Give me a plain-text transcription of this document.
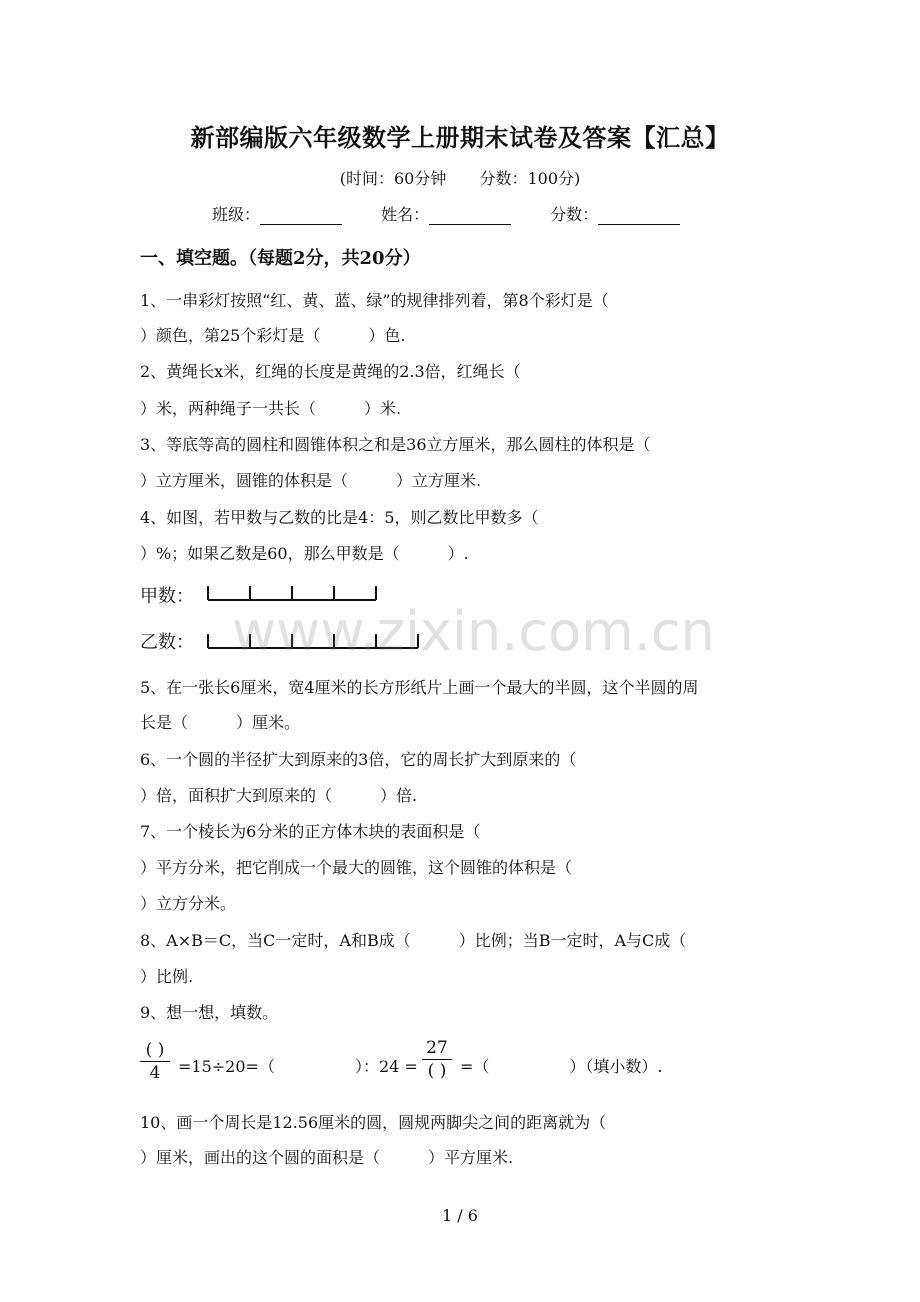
新部编版六年级数学上册期末试卷及答案【汇总】
(时间：60分钟 分数：100分)
班级：	姓名：	分数：
一、填空题。（每题2分，共20分）
1、一串彩灯按照“红、黄、蓝、绿”的规律排列着，第8个彩灯是（
）颜色，第25个彩灯是（　　　）色.
2、黄绳长x米，红绳的长度是黄绳的2.3倍，红绳长（
）米，两种绳子一共长（　　　）米.
3、等底等高的圆柱和圆锥体积之和是36立方厘米，那么圆柱的体积是（
）立方厘米，圆锥的体积是（　　　）立方厘米.
4、如图，若甲数与乙数的比是4：5，则乙数比甲数多（
）%；如果乙数是60，那么甲数是（　　　）.
甲数：
乙数： www.zixin.com.cn
5、在一张长6厘米，宽4厘米的长方形纸片上画一个最大的半圆，这个半圆的周
长是（　　　）厘米。
6、一个圆的半径扩大到原来的3倍，它的周长扩大到原来的（
）倍，面积扩大到原来的（　　　）倍.
7、一个棱长为6分米的正方体木块的表面积是（
）平方分米，把它削成一个最大的圆锥，这个圆锥的体积是（
）立方分米。
8、A×B＝C，当C一定时，A和B成（　　　）比例；当B一定时，A与C成（
）比例.
9、想一想，填数。
( )
4	=15÷20=（　　　　　）：24 =
27
( ) =（　　　　　）（填小数）.
10、画一个周长是12.56厘米的圆，圆规两脚尖之间的距离就为（
）厘米，画出的这个圆的面积是（　　　）平方厘米.
1 / 6
